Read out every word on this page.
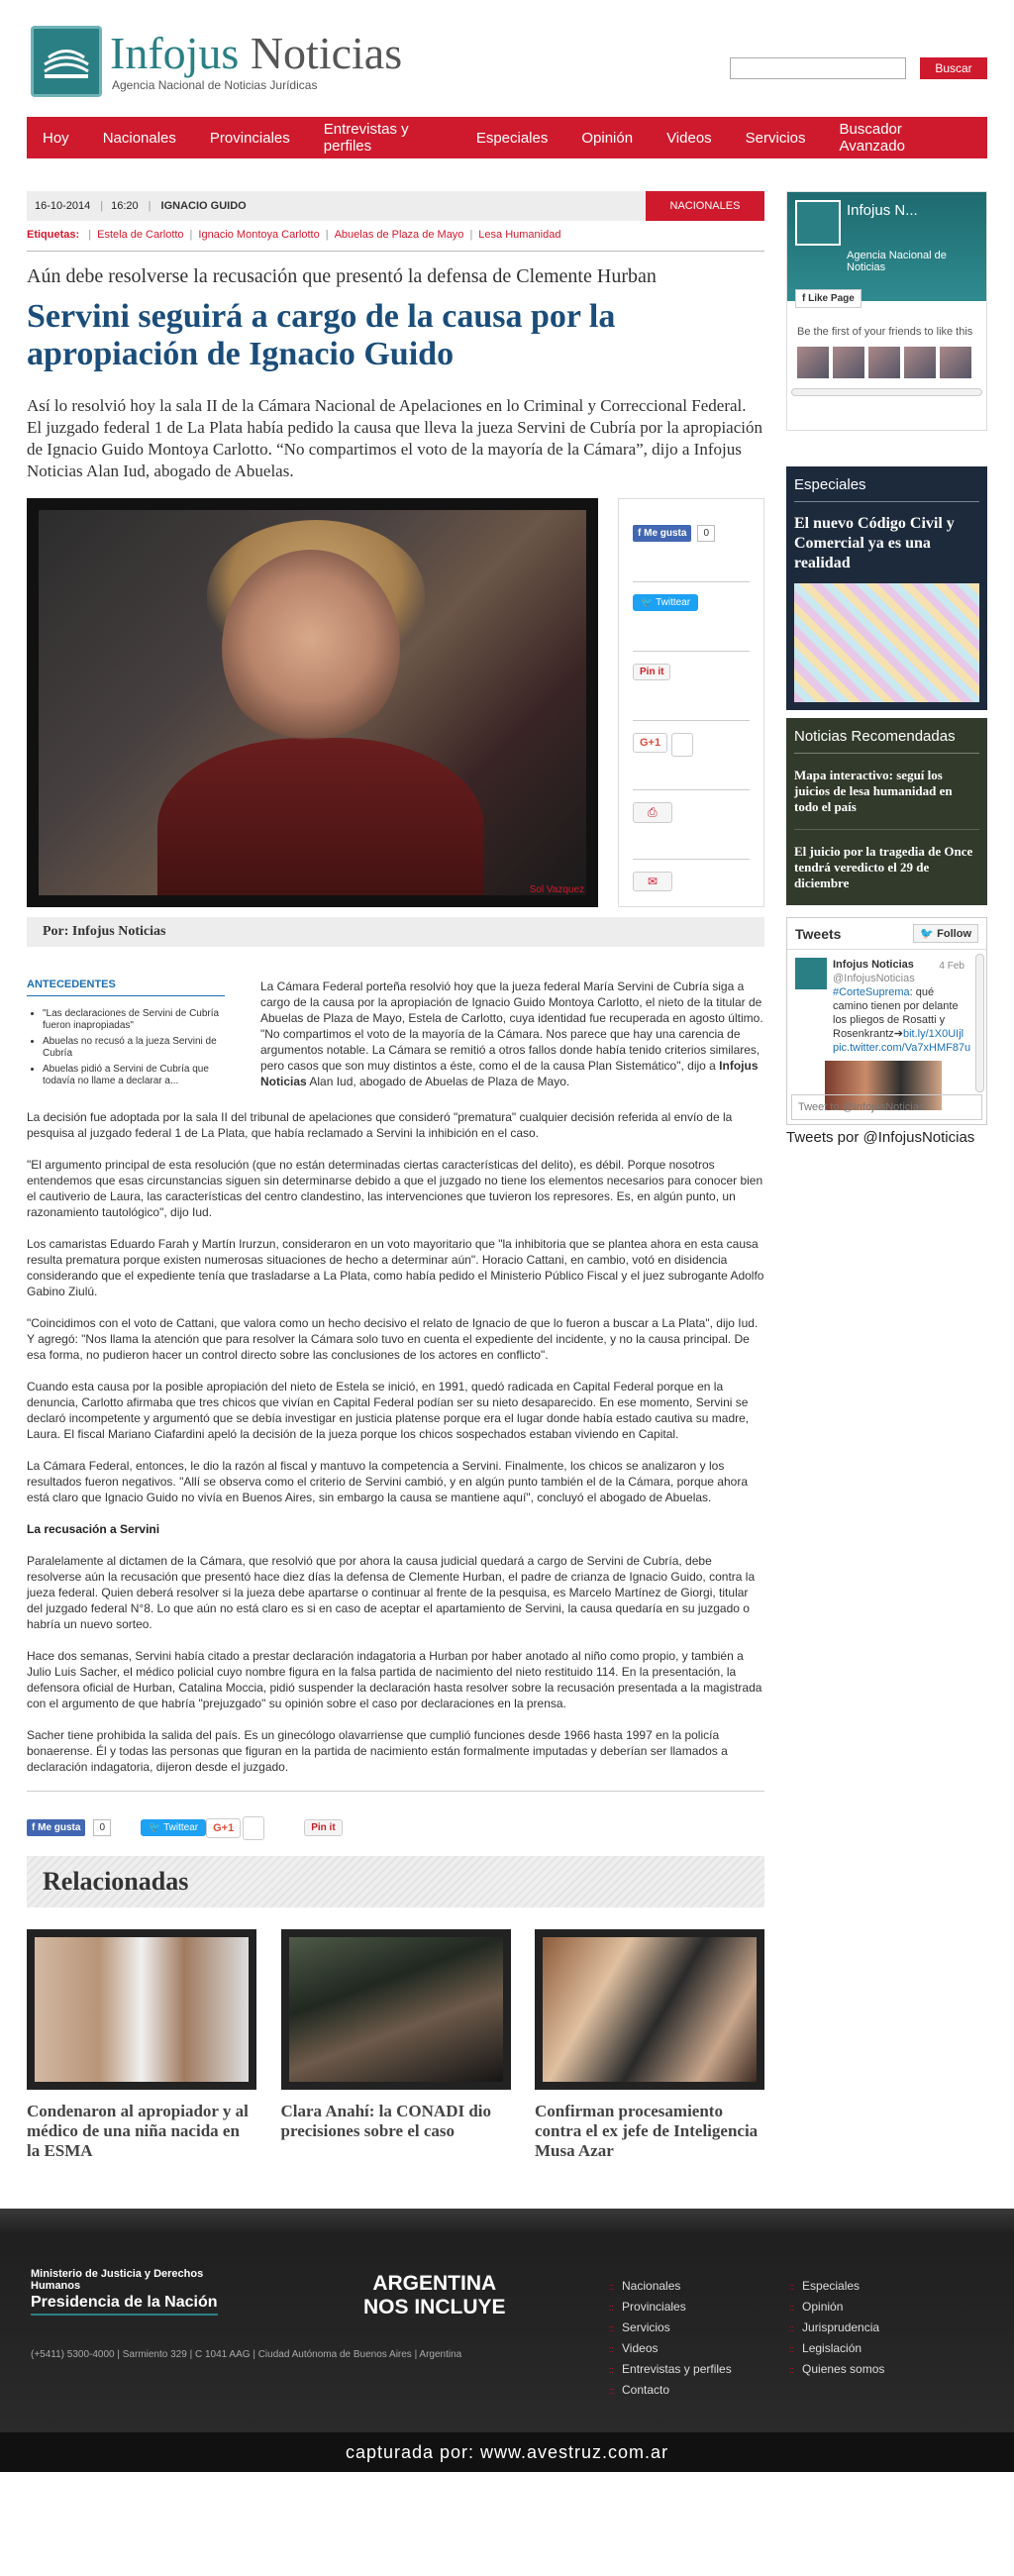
Infojus Noticias
Agencia Nacional de Noticias Jurídicas
Buscar
Hoy Nacionales Provinciales Entrevistas y perfiles	Especiales Opinión Videos Servicios Buscador Avanzado
16-10-2014 | 16:20 | IGNACIO GUIDO	NACIONALES
Etiquetas: | Estela de Carlotto | Ignacio Montoya Carlotto | Abuelas de Plaza de Mayo | Lesa Humanidad
Aún debe resolverse la recusación que presentó la defensa de Clemente Hurban
Servini seguirá a cargo de la causa por la apropiación de Ignacio Guido

Así lo resolvió hoy la sala II de la Cámara Nacional de Apelaciones en lo Criminal y Correccional Federal. El juzgado federal 1 de La Plata había pedido la causa que lleva la jueza Servini de Cubría por la apropiación de Ignacio Guido Montoya Carlotto. “No compartimos el voto de la mayoría de la Cámara”, dijo a Infojus Noticias Alan Iud, abogado de Abuelas.

Sol Vazquez
f Me gusta	0
🐦 Twittear
Pin it
G+1
⎙
✉
Por: Infojus Noticias
ANTECEDENTES
• "Las declaraciones de Servini de Cubría fueron inapropiadas"
• Abuelas no recusó a la jueza Servini de Cubría
• Abuelas pidió a Servini de Cubría que todavía no llame a declarar a...

La Cámara Federal porteña resolvió hoy que la jueza federal María Servini de Cubría siga a cargo de la causa por la apropiación de Ignacio Guido Montoya Carlotto, el nieto de la titular de Abuelas de Plaza de Mayo, Estela de Carlotto, cuya identidad fue recuperada en agosto último. "No compartimos el voto de la mayoría de la Cámara. Nos parece que hay una carencia de argumentos notable. La Cámara se remitió a otros fallos donde había tenido criterios similares, pero casos que son muy distintos a éste, como el de la causa Plan Sistemático", dijo a Infojus Noticias Alan Iud, abogado de Abuelas de Plaza de Mayo.

La decisión fue adoptada por la sala II del tribunal de apelaciones que consideró "prematura" cualquier decisión referida al envío de la pesquisa al juzgado federal 1 de La Plata, que había reclamado a Servini la inhibición en el caso.

"El argumento principal de esta resolución (que no están determinadas ciertas características del delito), es débil. Porque nosotros entendemos que esas circunstancias siguen sin determinarse debido a que el juzgado no tiene los elementos necesarios para conocer bien el cautiverio de Laura, las características del centro clandestino, las intervenciones que tuvieron los represores. Es, en algún punto, un razonamiento tautológico", dijo Iud.

Los camaristas Eduardo Farah y Martín Irurzun, consideraron en un voto mayoritario que "la inhibitoria que se plantea ahora en esta causa resulta prematura porque existen numerosas situaciones de hecho a determinar aún". Horacio Cattani, en cambio, votó en disidencia considerando que el expediente tenía que trasladarse a La Plata, como había pedido el Ministerio Público Fiscal y el juez subrogante Adolfo Gabino Ziulú.

"Coincidimos con el voto de Cattani, que valora como un hecho decisivo el relato de Ignacio de que lo fueron a buscar a La Plata", dijo Iud. Y agregó: "Nos llama la atención que para resolver la Cámara solo tuvo en cuenta el expediente del incidente, y no la causa principal. De esa forma, no pudieron hacer un control directo sobre las conclusiones de los actores en conflicto".

Cuando esta causa por la posible apropiación del nieto de Estela se inició, en 1991, quedó radicada en Capital Federal porque en la denuncia, Carlotto afirmaba que tres chicos que vivían en Capital Federal podían ser su nieto desaparecido. En ese momento, Servini se declaró incompetente y argumentó que se debía investigar en justicia platense porque era el lugar donde había estado cautiva su madre, Laura. El fiscal Mariano Ciafardini apeló la decisión de la jueza porque los chicos sospechados estaban viviendo en Capital.

La Cámara Federal, entonces, le dio la razón al fiscal y mantuvo la competencia a Servini. Finalmente, los chicos se analizaron y los resultados fueron negativos. "Allí se observa como el criterio de Servini cambió, y en algún punto también el de la Cámara, porque ahora está claro que Ignacio Guido no vivía en Buenos Aires, sin embargo la causa se mantiene aquí", concluyó el abogado de Abuelas.

La recusación a Servini

Paralelamente al dictamen de la Cámara, que resolvió que por ahora la causa judicial quedará a cargo de Servini de Cubría, debe resolverse aún la recusación que presentó hace diez días la defensa de Clemente Hurban, el padre de crianza de Ignacio Guido, contra la jueza federal. Quien deberá resolver si la jueza debe apartarse o continuar al frente de la pesquisa, es Marcelo Martínez de Giorgi, titular del juzgado federal N°8. Lo que aún no está claro es si en caso de aceptar el apartamiento de Servini, la causa quedaría en su juzgado o habría un nuevo sorteo.

Hace dos semanas, Servini había citado a prestar declaración indagatoria a Hurban por haber anotado al niño como propio, y también a Julio Luis Sacher, el médico policial cuyo nombre figura en la falsa partida de nacimiento del nieto restituido 114. En la presentación, la defensora oficial de Hurban, Catalina Moccia, pidió suspender la declaración hasta resolver sobre la recusación presentada a la magistrada con el argumento de que habría "prejuzgado" su opinión sobre el caso por declaraciones en la prensa.

Sacher tiene prohibida la salida del país. Es un ginecólogo olavarriense que cumplió funciones desde 1966 hasta 1997 en la policía bonaerense. Él y todas las personas que figuran en la partida de nacimiento están formalmente imputadas y deberían ser llamados a declaración indagatoria, dijeron desde el juzgado.

f Me gusta	0	🐦 Twittear	G+1	Pin it
Relacionadas
Condenaron al apropiador y al médico de una niña nacida en la ESMA
Clara Anahí: la CONADI dio precisiones sobre el caso
Confirman procesamiento contra el ex jefe de Inteligencia Musa Azar
Infojus N...
Agencia Nacional de Noticias
f Like Page
Be the first of your friends to like this
Especiales
El nuevo Código Civil y Comercial ya es una realidad
Noticias Recomendadas
Mapa interactivo: seguí los juicios de lesa humanidad en todo el país
El juicio por la tragedia de Once tendrá veredicto el 29 de diciembre
Tweets	🐦 Follow
Infojus Noticias
@InfojusNoticias
4 Feb
#CorteSuprema: qué camino tienen por delante los pliegos de Rosatti y Rosenkrantz➔bit.ly/1X0UIjl pic.twitter.com/Va7xHMF87u
Tweet to @InfojusNoticias
Tweets por @InfojusNoticias
Ministerio de Justicia y Derechos Humanos
Presidencia de la Nación
(+5411) 5300-4000 | Sarmiento 329 | C 1041 AAG | Ciudad Autónoma de Buenos Aires | Argentina
ARGENTINA
NOS INCLUYE
:: Nacionales
:: Provinciales
:: Servicios
:: Videos
:: Entrevistas y perfiles
:: Contacto
:: Especiales
:: Opinión
:: Jurisprudencia
:: Legislación
:: Quienes somos
capturada por: www.avestruz.com.ar
